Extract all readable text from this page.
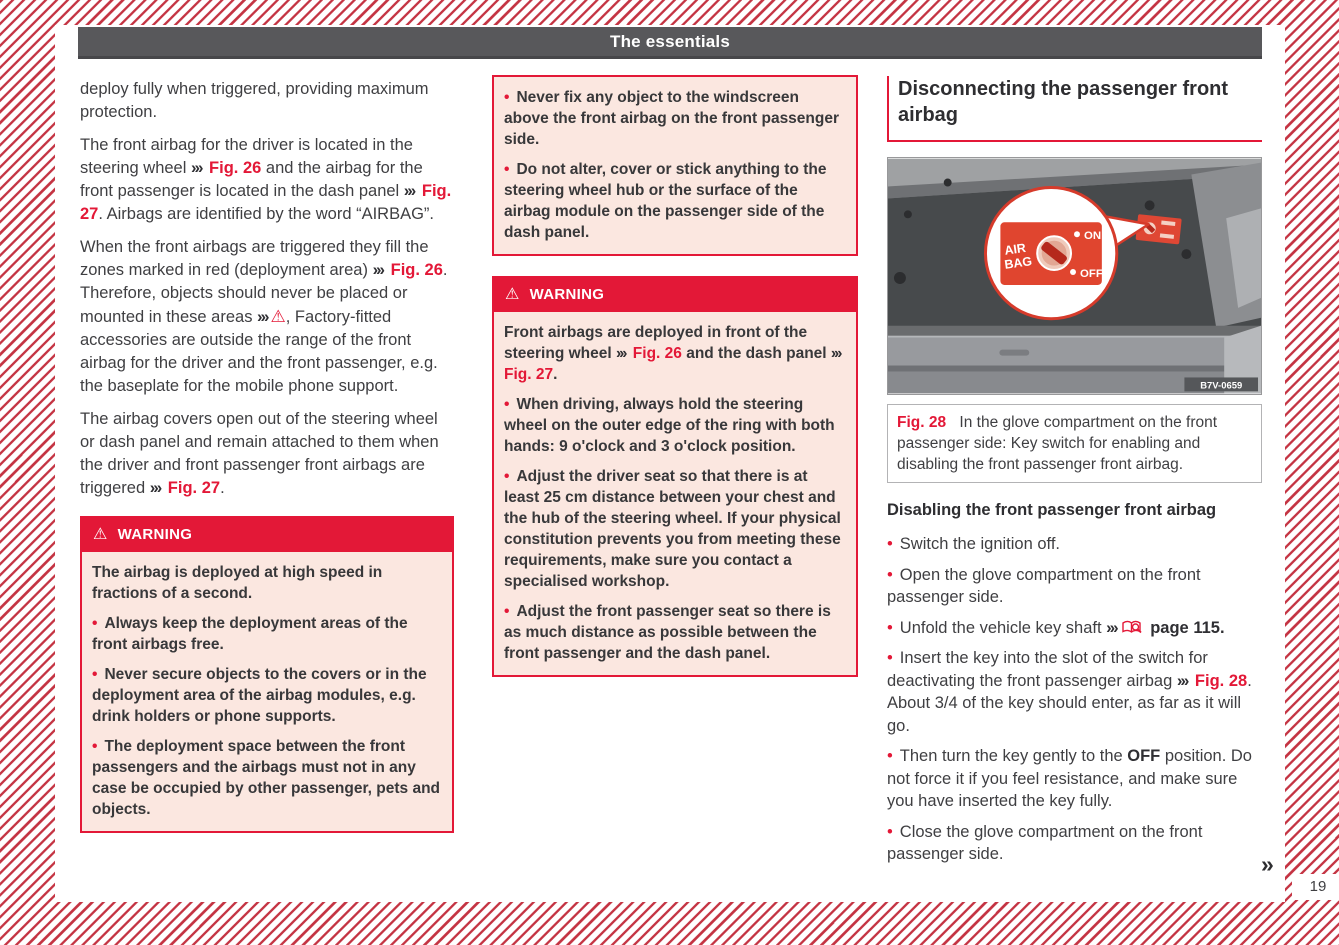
The essentials

deploy fully when triggered, providing maximum protection.

The front airbag for the driver is located in the steering wheel ››› Fig. 26 and the airbag for the front passenger is located in the dash panel ››› Fig. 27. Airbags are identified by the word “AIRBAG”.

When the front airbags are triggered they fill the zones marked in red (deployment area) ››› Fig. 26. Therefore, objects should never be placed or mounted in these areas ››› ⚠, Factory-fitted accessories are outside the range of the front airbag for the driver and the front passenger, e.g. the baseplate for the mobile phone support.

The airbag covers open out of the steering wheel or dash panel and remain attached to them when the driver and front passenger front airbags are triggered ››› Fig. 27.

⚠ WARNING

The airbag is deployed at high speed in fractions of a second.

• Always keep the deployment areas of the front airbags free.

• Never secure objects to the covers or in the deployment area of the airbag modules, e.g. drink holders or phone supports.

• The deployment space between the front passengers and the airbags must not in any case be occupied by other passenger, pets and objects.

• Never fix any object to the windscreen above the front airbag on the front passenger side.

• Do not alter, cover or stick anything to the steering wheel hub or the surface of the airbag module on the passenger side of the dash panel.

⚠ WARNING

Front airbags are deployed in front of the steering wheel ››› Fig. 26 and the dash panel ››› Fig. 27.

• When driving, always hold the steering wheel on the outer edge of the ring with both hands: 9 o'clock and 3 o'clock position.

• Adjust the driver seat so that there is at least 25 cm distance between your chest and the hub of the steering wheel. If your physical constitution prevents you from meeting these requirements, make sure you contact a specialised workshop.

• Adjust the front passenger seat so there is as much distance as possible between the front passenger and the dash panel.

Disconnecting the passenger front airbag
AIR
BAG
ON
OFF
B7V-0659
Fig. 28 In the glove compartment on the front passenger side: Key switch for enabling and disabling the front passenger front airbag.
Disabling the front passenger front airbag

• Switch the ignition off.

• Open the glove compartment on the front passenger side.

• Unfold the vehicle key shaft ››› page 115.

• Insert the key into the slot of the switch for deactivating the front passenger airbag ››› Fig. 28. About 3/4 of the key should enter, as far as it will go.

• Then turn the key gently to the OFF position. Do not force it if you feel resistance, and make sure you have inserted the key fully.

• Close the glove compartment on the front passenger side.	»
19
